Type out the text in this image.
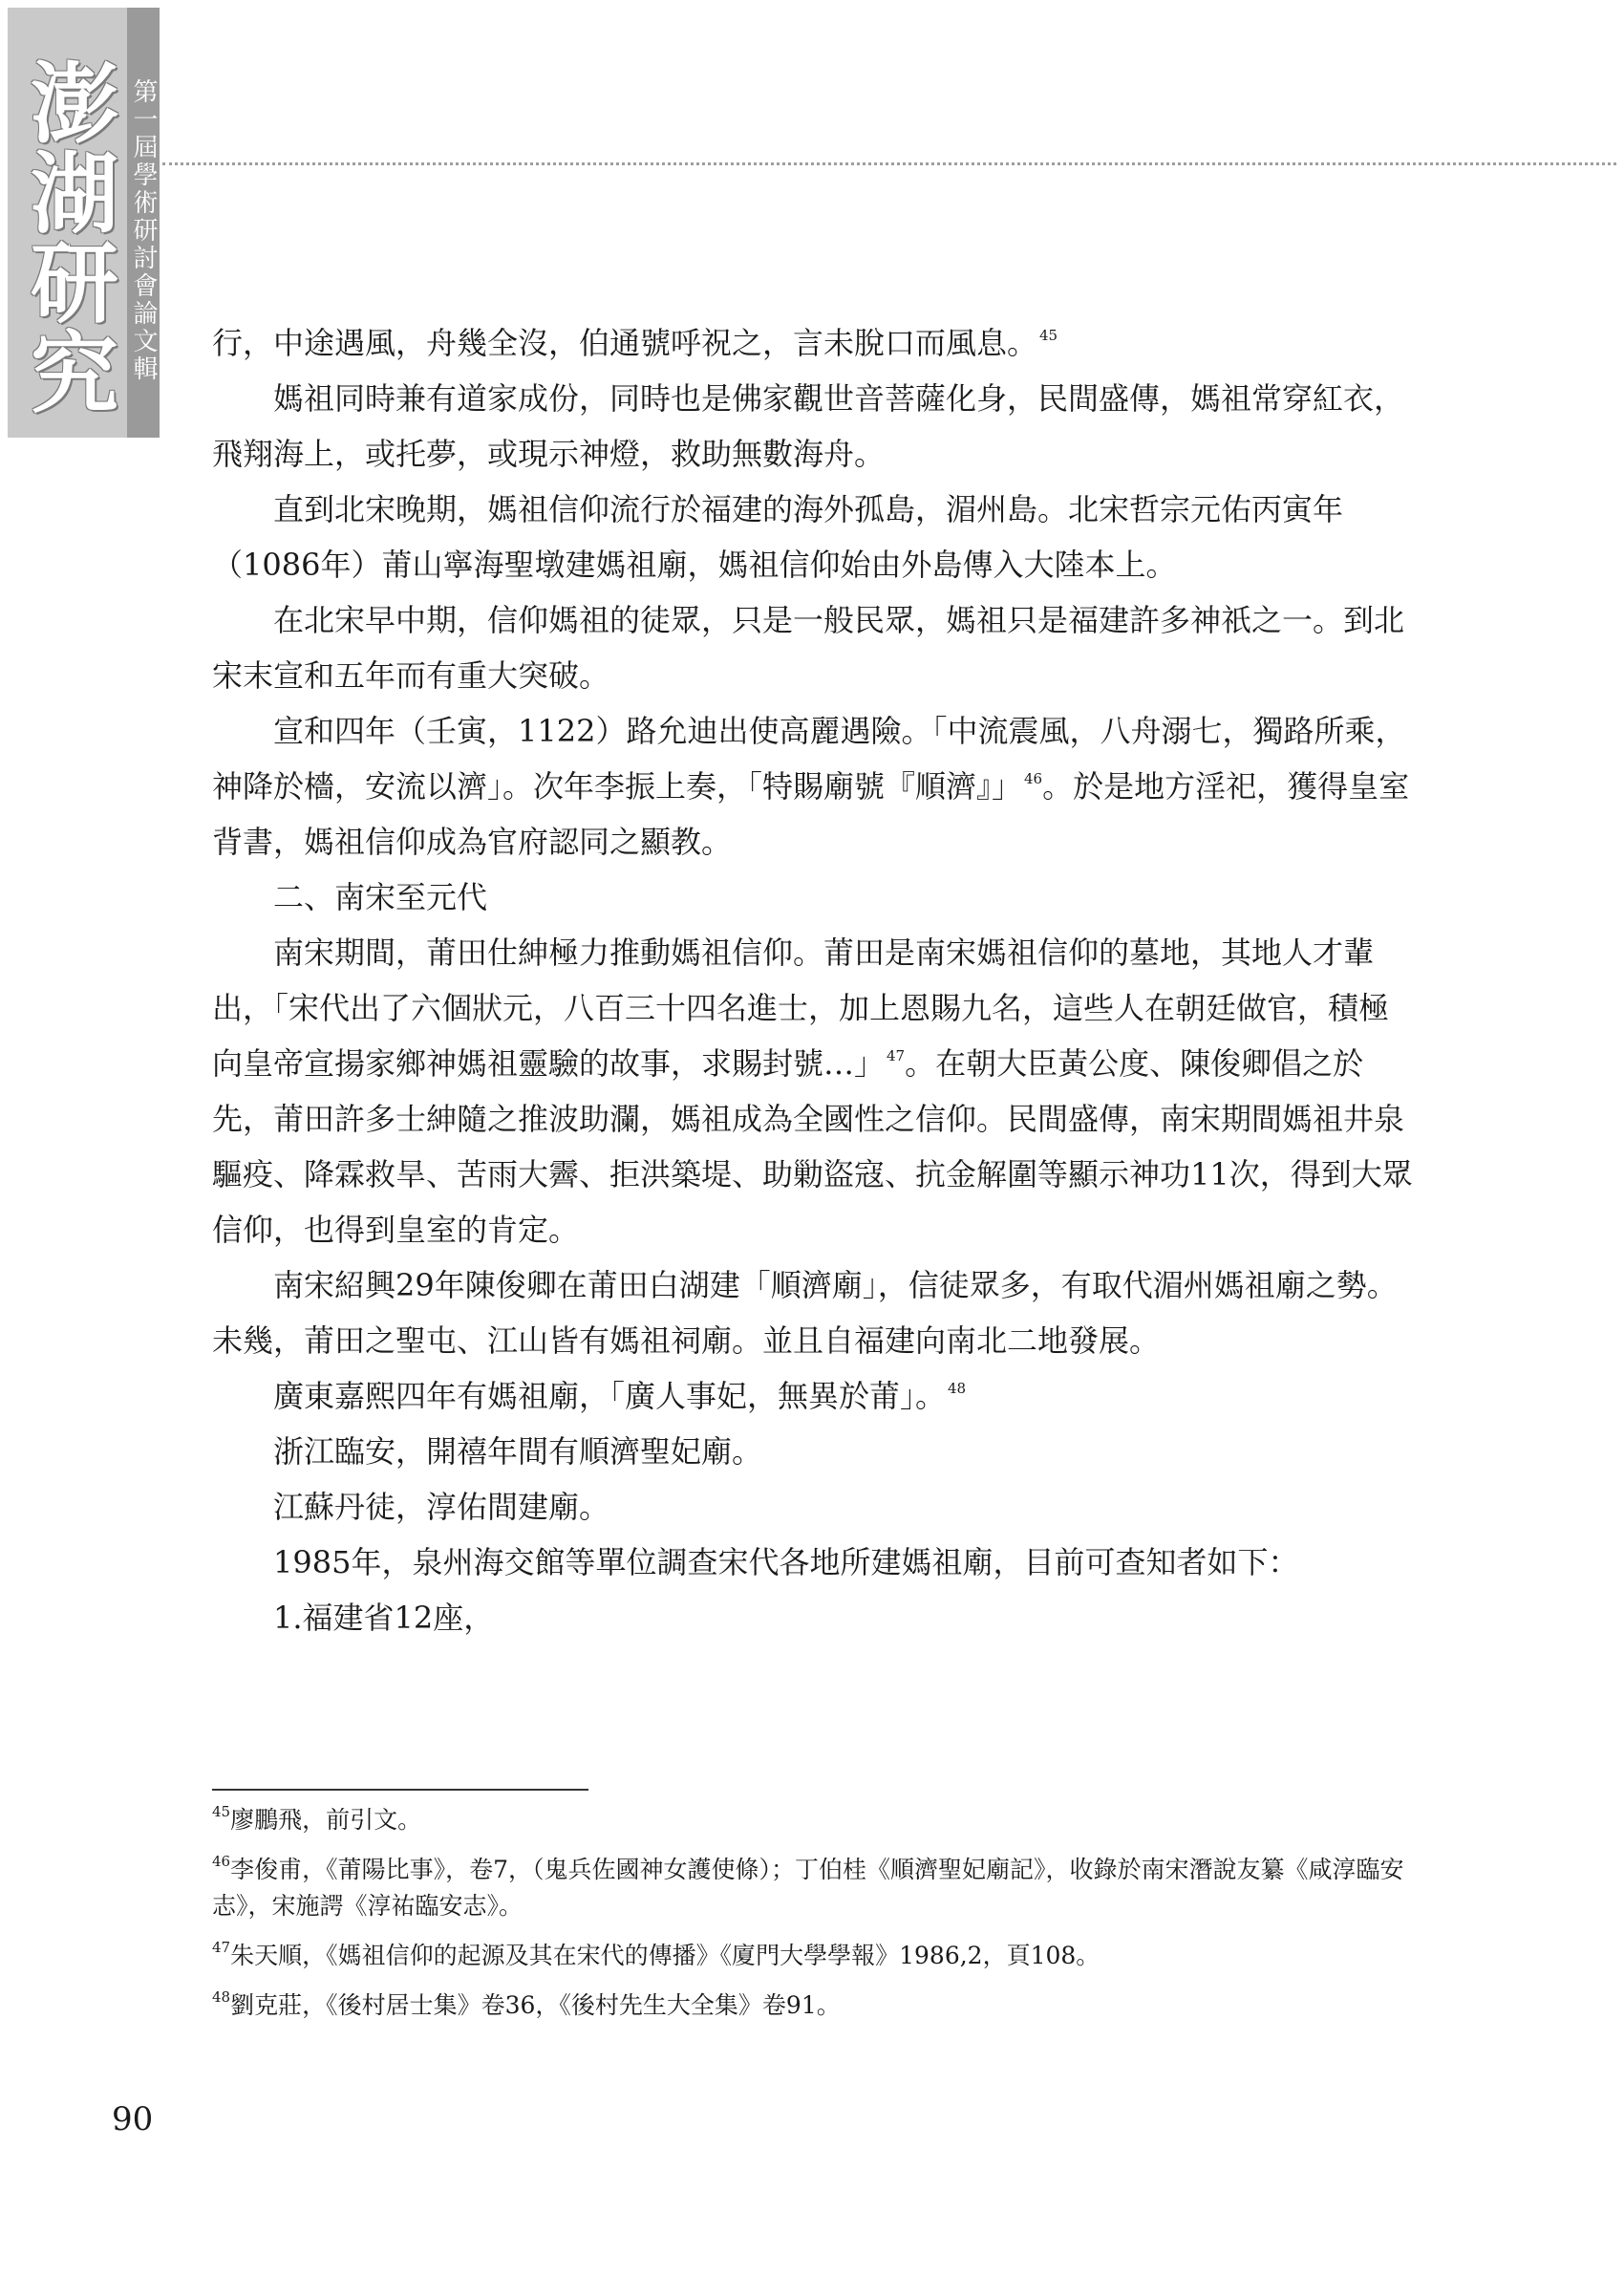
澎湖研究 第一屆學術研討會論文輯 行，中途遇風，舟幾全沒，伯通號呼祝之，言未脫口而風息。 $^{45}$

媽祖同時兼有道家成份，同時也是佛家觀世音菩薩化身，民間盛傳，媽祖常穿紅衣，飛翔海上，或托夢，或現示神燈，救助無數海舟。

直到北宋晚期，媽祖信仰流行於福建的海外孤島，湄州島。北宋哲宗元佑丙寅年（1086年）莆山寧海聖墩建媽祖廟，媽祖信仰始由外島傳入大陸本上。

在北宋早中期，信仰媽祖的徒眾，只是一般民眾，媽祖只是福建許多神祇之一。到北宋末宣和五年而有重大突破。

宣和四年（壬寅，1122）路允迪出使高麗遇險。「中流震風，八舟溺七，獨路所乘，神降於檣，安流以濟」。次年李振上奏，「特賜廟號『順濟』」 $^{46}$。於是地方淫祀，獲得皇室背書，媽祖信仰成為官府認同之顯教。

二、南宋至元代

南宋期間，莆田仕紳極力推動媽祖信仰。莆田是南宋媽祖信仰的墓地，其地人才輩出，「宋代出了六個狀元，八百三十四名進士，加上恩賜九名，這些人在朝廷做官，積極向皇帝宣揚家鄉神媽祖靈驗的故事，求賜封號…」 $^{47}$。在朝大臣黃公度、陳俊卿倡之於先，莆田許多士紳隨之推波助瀾，媽祖成為全國性之信仰。民間盛傳，南宋期間媽祖井泉驅疫、降霖救旱、苦雨大霽、拒洪築堤、助勦盜寇、抗金解圍等顯示神功11次，得到大眾信仰，也得到皇室的肯定。

南宋紹興29年陳俊卿在莆田白湖建「順濟廟」，信徒眾多，有取代湄州媽祖廟之勢。未幾，莆田之聖屯、江山皆有媽祖祠廟。並且自福建向南北二地發展。

廣東嘉熙四年有媽祖廟，「廣人事妃，無異於莆」。 $^{48}$

浙江臨安，開禧年間有順濟聖妃廟。

江蘇丹徒，淳佑間建廟。

1985年，泉州海交館等單位調查宋代各地所建媽祖廟，目前可查知者如下：

1.福建省12座，

$^{45}$廖鵬飛，前引文。

$^{46}$李俊甫，《莆陽比事》，卷7，（鬼兵佐國神女護使條）；丁伯桂《順濟聖妃廟記》，收錄於南宋潛說友纂《咸淳臨安志》，宋施諤《淳祐臨安志》。

$^{47}$朱天順，《媽祖信仰的起源及其在宋代的傳播》《廈門大學學報》1986,2，頁108。

$^{48}$劉克莊，《後村居士集》卷36，《後村先生大全集》卷91。

90
